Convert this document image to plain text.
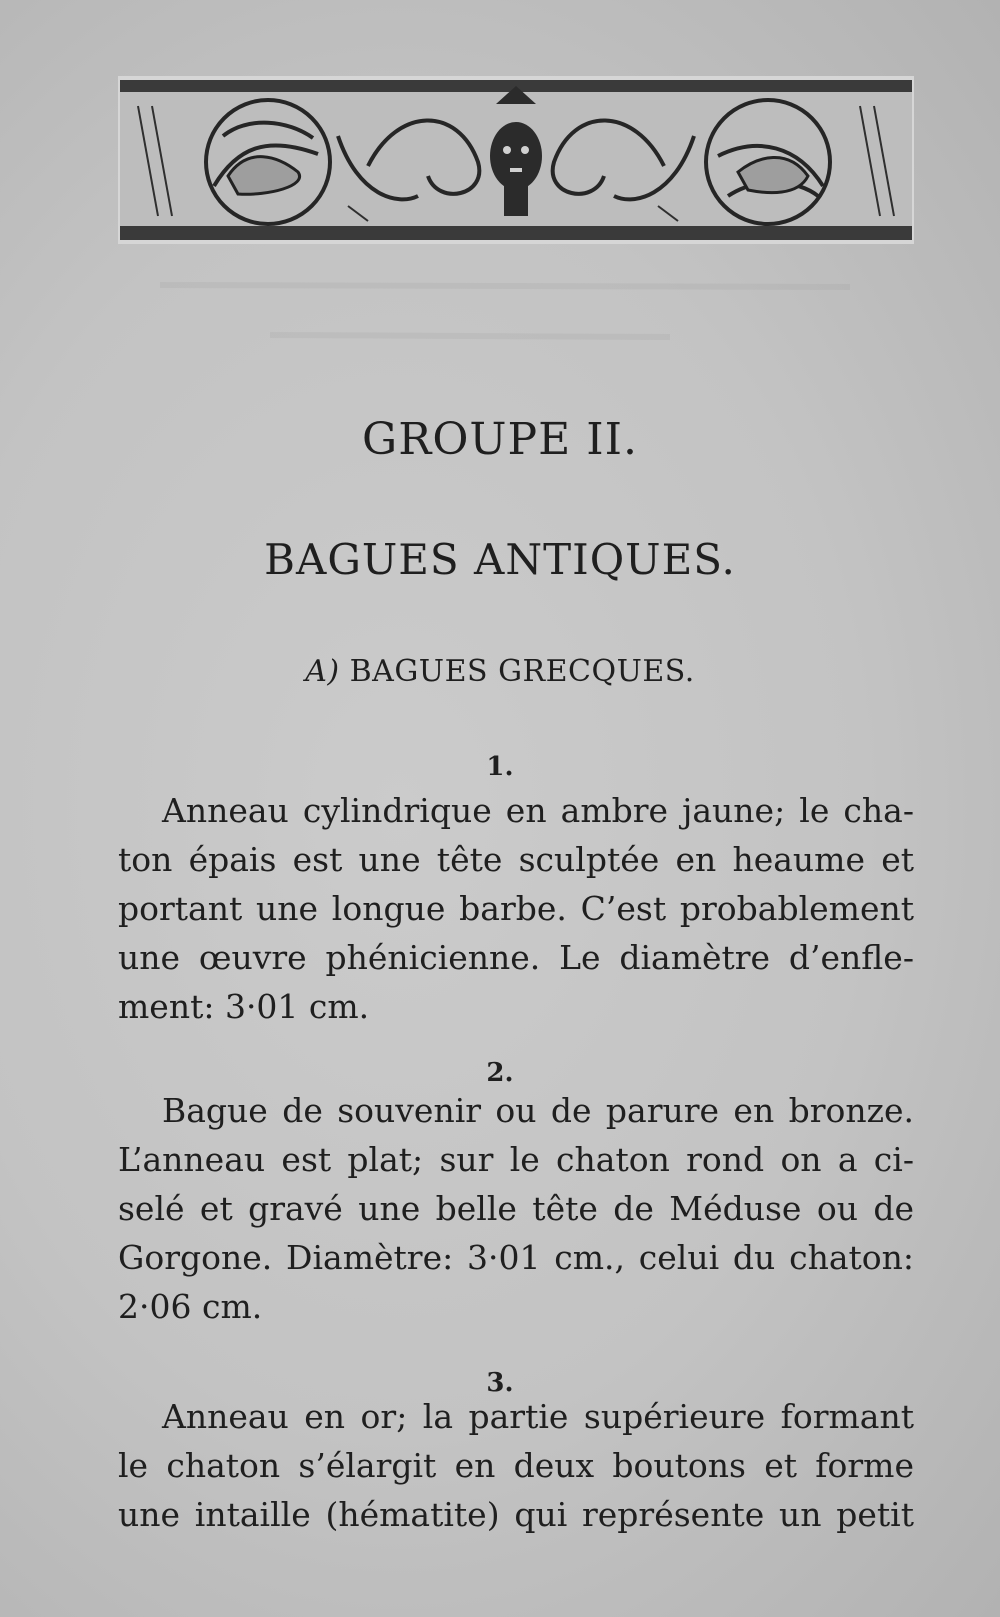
GROUPE II.
BAGUES ANTIQUES.
A) BAGUES GRECQUES.
1.

Anneau cylindrique en ambre jaune; le cha-
ton épais est une tête sculptée en heaume et
portant une longue barbe. C’est probablement
une œuvre phénicienne. Le diamètre d’enfle-
ment: 3·01 cm.

2.

Bague de souvenir ou de parure en bronze.
L’anneau est plat; sur le chaton rond on a ci-
selé et gravé une belle tête de Méduse ou de
Gorgone. Diamètre: 3·01 cm., celui du chaton:
2·06 cm.

3.

Anneau en or; la partie supérieure formant
le chaton s’élargit en deux boutons et forme
une intaille (hématite) qui représente un petit
